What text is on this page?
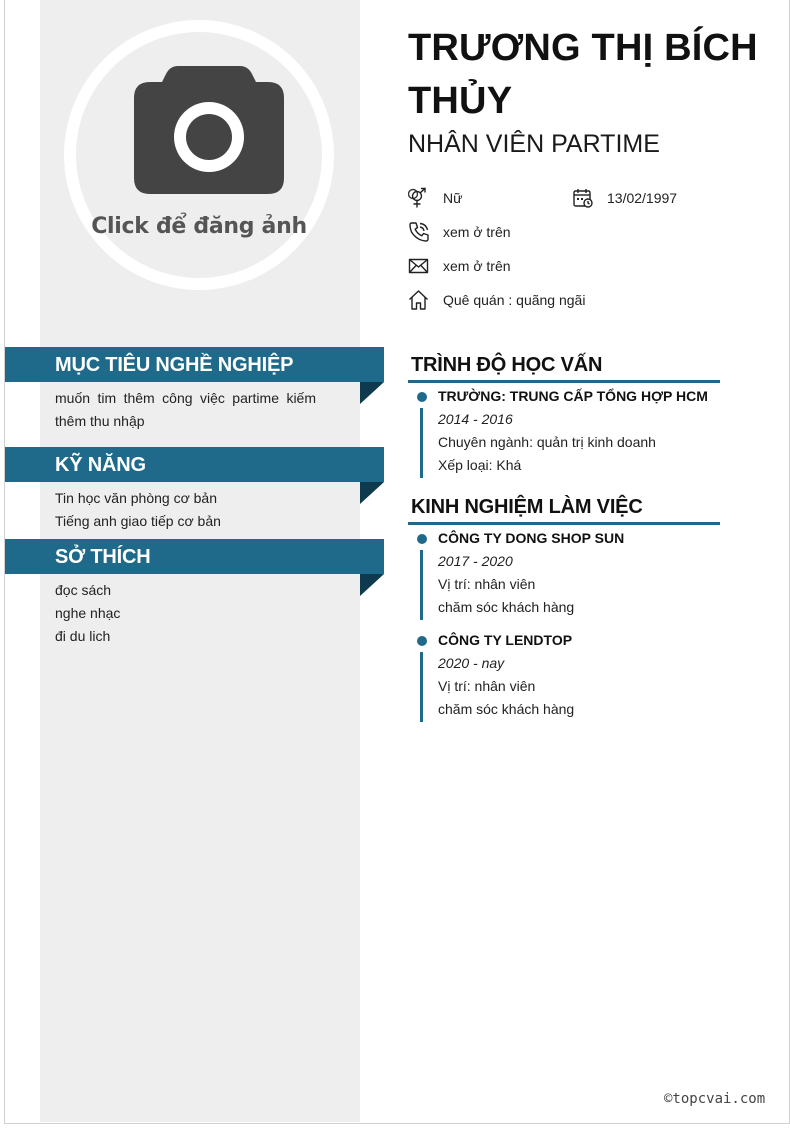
Click để đăng ảnh
TRƯƠNG THỊ BÍCH THỦY
NHÂN VIÊN PARTIME
Nữ	13/02/1997
xem ở trên
xem ở trên
Quê quán : quãng ngãi
MỤC TIÊU NGHỀ NGHIỆP
muốn tim thêm công việc partime kiếm thêm thu nhập
KỸ NĂNG
Tin học văn phòng cơ bản
Tiếng anh giao tiếp cơ bản
SỞ THÍCH
đọc sách
nghe nhạc
đi du lich
TRÌNH ĐỘ HỌC VẤN
TRƯỜNG: TRUNG CẤP TỔNG HỢP HCM
2014 - 2016
Chuyên ngành: quản trị kinh doanh
Xếp loại: Khá
KINH NGHIỆM LÀM VIỆC
CÔNG TY DONG SHOP SUN
2017 - 2020
Vị trí: nhân viên
chăm sóc khách hàng
CÔNG TY LENDTOP
2020 - nay
Vị trí: nhân viên
chăm sóc khách hàng
©topcvai.com
